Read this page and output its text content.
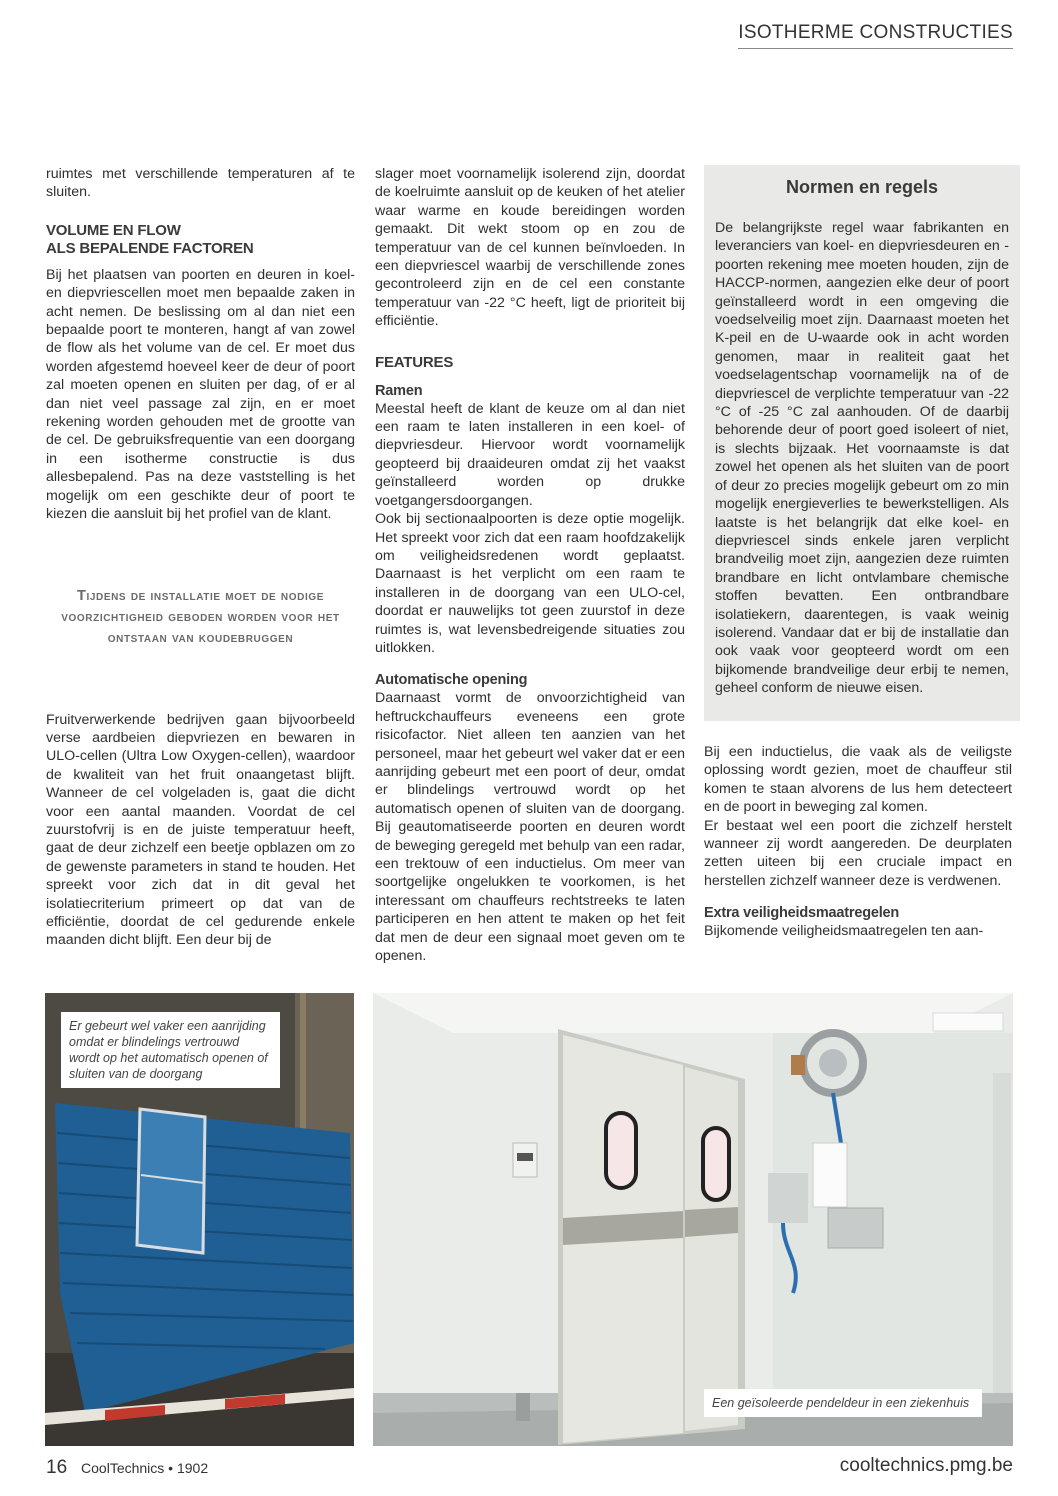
ISOTHERME CONSTRUCTIES

ruimtes met verschillende temperaturen af te sluiten.

VOLUME EN FLOW
ALS BEPALENDE FACTOREN

Bij het plaatsen van poorten en deuren in koel- en diepvriescellen moet men bepaalde zaken in acht nemen. De beslissing om al dan niet een bepaalde poort te monteren, hangt af van zowel de flow als het volume van de cel. Er moet dus worden afgestemd hoeveel keer de deur of poort zal moeten openen en sluiten per dag, of er al dan niet veel passage zal zijn, en er moet rekening worden gehouden met de grootte van de cel. De gebruiksfrequentie van een doorgang in een isotherme constructie is dus allesbepalend. Pas na deze vaststelling is het mogelijk om een geschikte deur of poort te kiezen die aansluit bij het profiel van de klant.

Tijdens de installatie moet de nodige voorzichtigheid geboden worden voor het ontstaan van koudebruggen

Fruitverwerkende bedrijven gaan bijvoorbeeld verse aardbeien diepvriezen en bewaren in ULO-cellen (Ultra Low Oxygen-cellen), waardoor de kwaliteit van het fruit onaangetast blijft. Wanneer de cel volgeladen is, gaat die dicht voor een aantal maanden. Voordat de cel zuurstofvrij is en de juiste temperatuur heeft, gaat de deur zichzelf een beetje opblazen om zo de gewenste parameters in stand te houden. Het spreekt voor zich dat in dit geval het isolatiecriterium primeert op dat van de efficiëntie, doordat de cel gedurende enkele maanden dicht blijft. Een deur bij de

slager moet voornamelijk isolerend zijn, doordat de koelruimte aansluit op de keuken of het atelier waar warme en koude bereidingen worden gemaakt. Dit wekt stoom op en zou de temperatuur van de cel kunnen beïnvloeden. In een diepvriescel waarbij de verschillende zones gecontroleerd zijn en de cel een constante temperatuur van -22 °C heeft, ligt de prioriteit bij efficiëntie.

FEATURES
Ramen

Meestal heeft de klant de keuze om al dan niet een raam te laten installeren in een koel- of diepvriesdeur. Hiervoor wordt voornamelijk geopteerd bij draaideuren omdat zij het vaakst geïnstalleerd worden op drukke voetgangersdoorgangen.

Ook bij sectionaalpoorten is deze optie mogelijk. Het spreekt voor zich dat een raam hoofdzakelijk om veiligheidsredenen wordt geplaatst. Daarnaast is het verplicht om een raam te installeren in de doorgang van een ULO-cel, doordat er nauwelijks tot geen zuurstof in deze ruimtes is, wat levensbedreigende situaties zou uitlokken.

Automatische opening

Daarnaast vormt de onvoorzichtigheid van heftruckchauffeurs eveneens een grote risicofactor. Niet alleen ten aanzien van het personeel, maar het gebeurt wel vaker dat er een aanrijding gebeurt met een poort of deur, omdat er blindelings vertrouwd wordt op het automatisch openen of sluiten van de doorgang. Bij geautomatiseerde poorten en deuren wordt de beweging geregeld met behulp van een radar, een trektouw of een inductielus. Om meer van soortgelijke ongelukken te voorkomen, is het interessant om chauffeurs rechtstreeks te laten participeren en hen attent te maken op het feit dat men de deur een signaal moet geven om te openen.

Normen en regels

De belangrijkste regel waar fabrikanten en leveranciers van koel- en diepvriesdeuren en -poorten rekening mee moeten houden, zijn de HACCP-normen, aangezien elke deur of poort geïnstalleerd wordt in een omgeving die voedselveilig moet zijn. Daarnaast moeten het K-peil en de U-waarde ook in acht worden genomen, maar in realiteit gaat het voedselagentschap voornamelijk na of de diepvriescel de verplichte temperatuur van -22 °C of -25 °C zal aanhouden. Of de daarbij behorende deur of poort goed isoleert of niet, is slechts bijzaak. Het voornaamste is dat zowel het openen als het sluiten van de poort of deur zo precies mogelijk gebeurt om zo min mogelijk energieverlies te bewerkstelligen. Als laatste is het belangrijk dat elke koel- en diepvriescel sinds enkele jaren verplicht brandveilig moet zijn, aangezien deze ruimten brandbare en licht ontvlambare chemische stoffen bevatten. Een ontbrandbare isolatiekern, daarentegen, is vaak weinig isolerend. Vandaar dat er bij de installatie dan ook vaak voor geopteerd wordt om een bijkomende brandveilige deur erbij te nemen, geheel conform de nieuwe eisen.

Bij een inductielus, die vaak als de veiligste oplossing wordt gezien, moet de chauffeur stil komen te staan alvorens de lus hem detecteert en de poort in beweging zal komen.

Er bestaat wel een poort die zichzelf herstelt wanneer zij wordt aangereden. De deurplaten zetten uiteen bij een cruciale impact en herstellen zichzelf wanneer deze is verdwenen.

Extra veiligheidsmaatregelen

Bijkomende veiligheidsmaatregelen ten aan-

Er gebeurt wel vaker een aanrijding omdat er blindelings vertrouwd wordt op het automatisch openen of sluiten van de doorgang
Een geïsoleerde pendeldeur in een ziekenhuis
16 CoolTechnics • 1902	cooltechnics.pmg.be
